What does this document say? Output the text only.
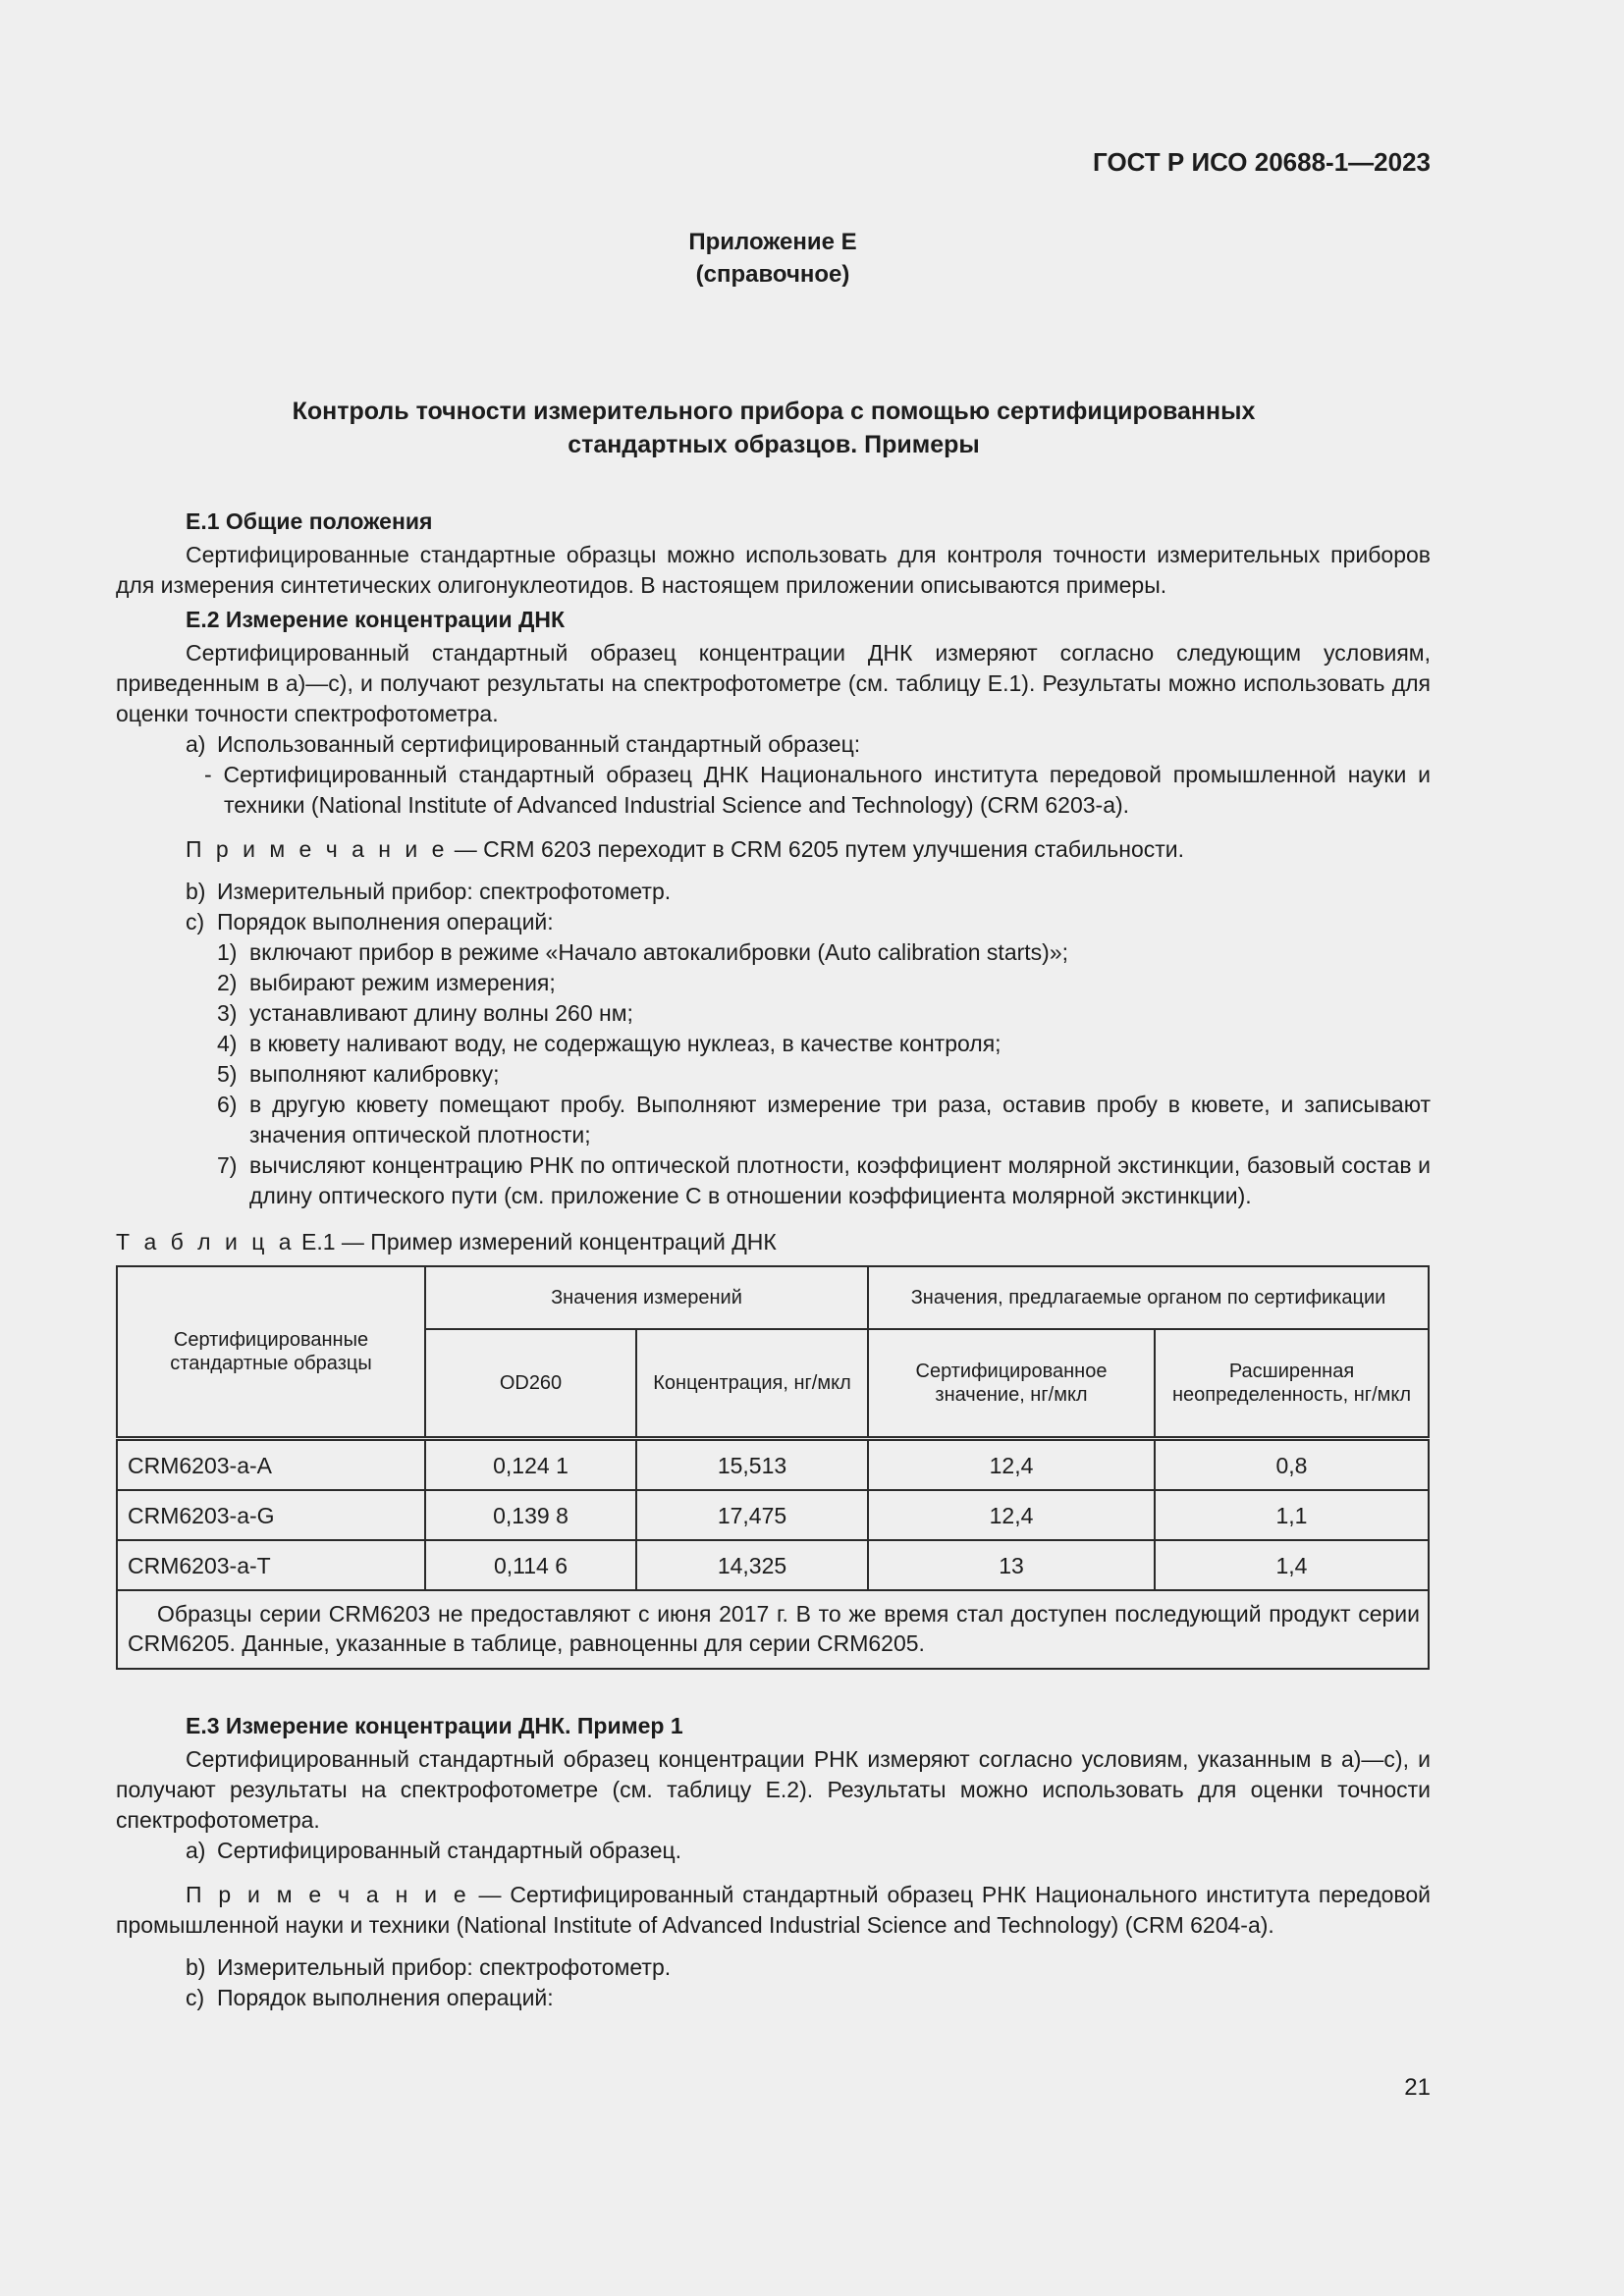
ГОСТ Р ИСО 20688-1—2023
Приложение E
(справочное)
Контроль точности измерительного прибора с помощью сертифицированных
стандартных образцов. Примеры

E.1 Общие положения

Сертифицированные стандартные образцы можно использовать для контроля точности измерительных приборов для измерения синтетических олигонуклеотидов. В настоящем приложении описываются примеры.

E.2 Измерение концентрации ДНК

Сертифицированный стандартный образец концентрации ДНК измеряют согласно следующим условиям, приведенным в a)—c), и получают результаты на спектрофотометре (см. таблицу E.1). Результаты можно использовать для оценки точности спектрофотометра.

a) Использованный сертифицированный стандартный образец:

- Сертифицированный стандартный образец ДНК Национального института передовой промышленной науки и техники (National Institute of Advanced Industrial Science and Technology) (CRM 6203-a).

П р и м е ч а н и е — CRM 6203 переходит в CRM 6205 путем улучшения стабильности.

b) Измерительный прибор: спектрофотометр.

c) Порядок выполнения операций:

1) включают прибор в режиме «Начало автокалибровки (Auto calibration starts)»;
2) выбирают режим измерения;
3) устанавливают длину волны 260 нм;
4) в кювету наливают воду, не содержащую нуклеаз, в качестве контроля;
5) выполняют калибровку;
6) в другую кювету помещают пробу. Выполняют измерение три раза, оставив пробу в кювете, и записывают значения оптической плотности;
7) вычисляют концентрацию РНК по оптической плотности, коэффициент молярной экстинкции, базовый состав и длину оптического пути (см. приложение C в отношении коэффициента молярной экстинкции).

Т а б л и ц а E.1 — Пример измерений концентраций ДНК

Сертифицированные стандартные образцы	Значения измерений		Значения, предлагаемые органом по сертификации	
	OD260	Концентрация, нг/мкл	Сертифицированное значение, нг/мкл	Расширенная неопределенность, нг/мкл
CRM6203-a-A	0,124 1	15,513	12,4	0,8
CRM6203-a-G	0,139 8	17,475	12,4	1,1
CRM6203-a-T	0,114 6	14,325	13	1,4
Образцы серии CRM6203 не предоставляют с июня 2017 г. В то же время стал доступен последующий продукт серии CRM6205. Данные, указанные в таблице, равноценны для серии CRM6205.				

E.3 Измерение концентрации ДНК. Пример 1

Сертифицированный стандартный образец концентрации РНК измеряют согласно условиям, указанным в a)—c), и получают результаты на спектрофотометре (см. таблицу E.2). Результаты можно использовать для оценки точности спектрофотометра.

a) Сертифицированный стандартный образец.

П р и м е ч а н и е — Сертифицированный стандартный образец РНК Национального института передовой промышленной науки и техники (National Institute of Advanced Industrial Science and Technology) (CRM 6204-a).

b) Измерительный прибор: спектрофотометр.

c) Порядок выполнения операций:

21
